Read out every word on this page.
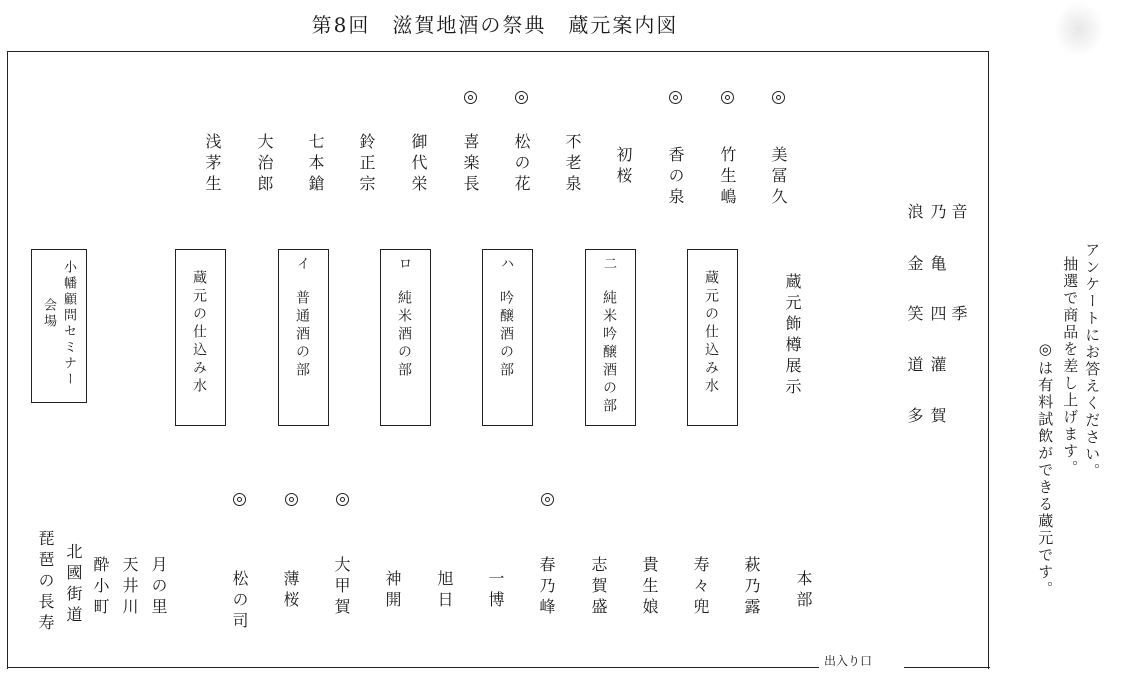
第8回　滋賀地酒の祭典　蔵元案内図
出入り口
美冨久
竹生嶋
香の泉
初桜
不老泉
松の花
喜楽長
御代栄
鈴正宗
七本鎗
大治郎
浅茅生
音
乃
浪
季
四
亀
金
笑
灌
道
賀
多
蔵元飾樽展示
蔵元の仕込み水
二
純米吟醸酒の部
ハ
吟醸酒の部
ロ
純米酒の部
イ
普通酒の部
蔵元の仕込み水
小幡顧問セミナー
会場
本部
萩乃露
寿々兜
貴生娘
志賀盛
春乃峰
一博
旭日
神開
大甲賀
薄桜
松の司
月の里
天井川
酔小町
北國街道
琵琶の長寿
アンケートにお答えください。
抽選で商品を差し上げます。
◎は有料試飲ができる蔵元です。
